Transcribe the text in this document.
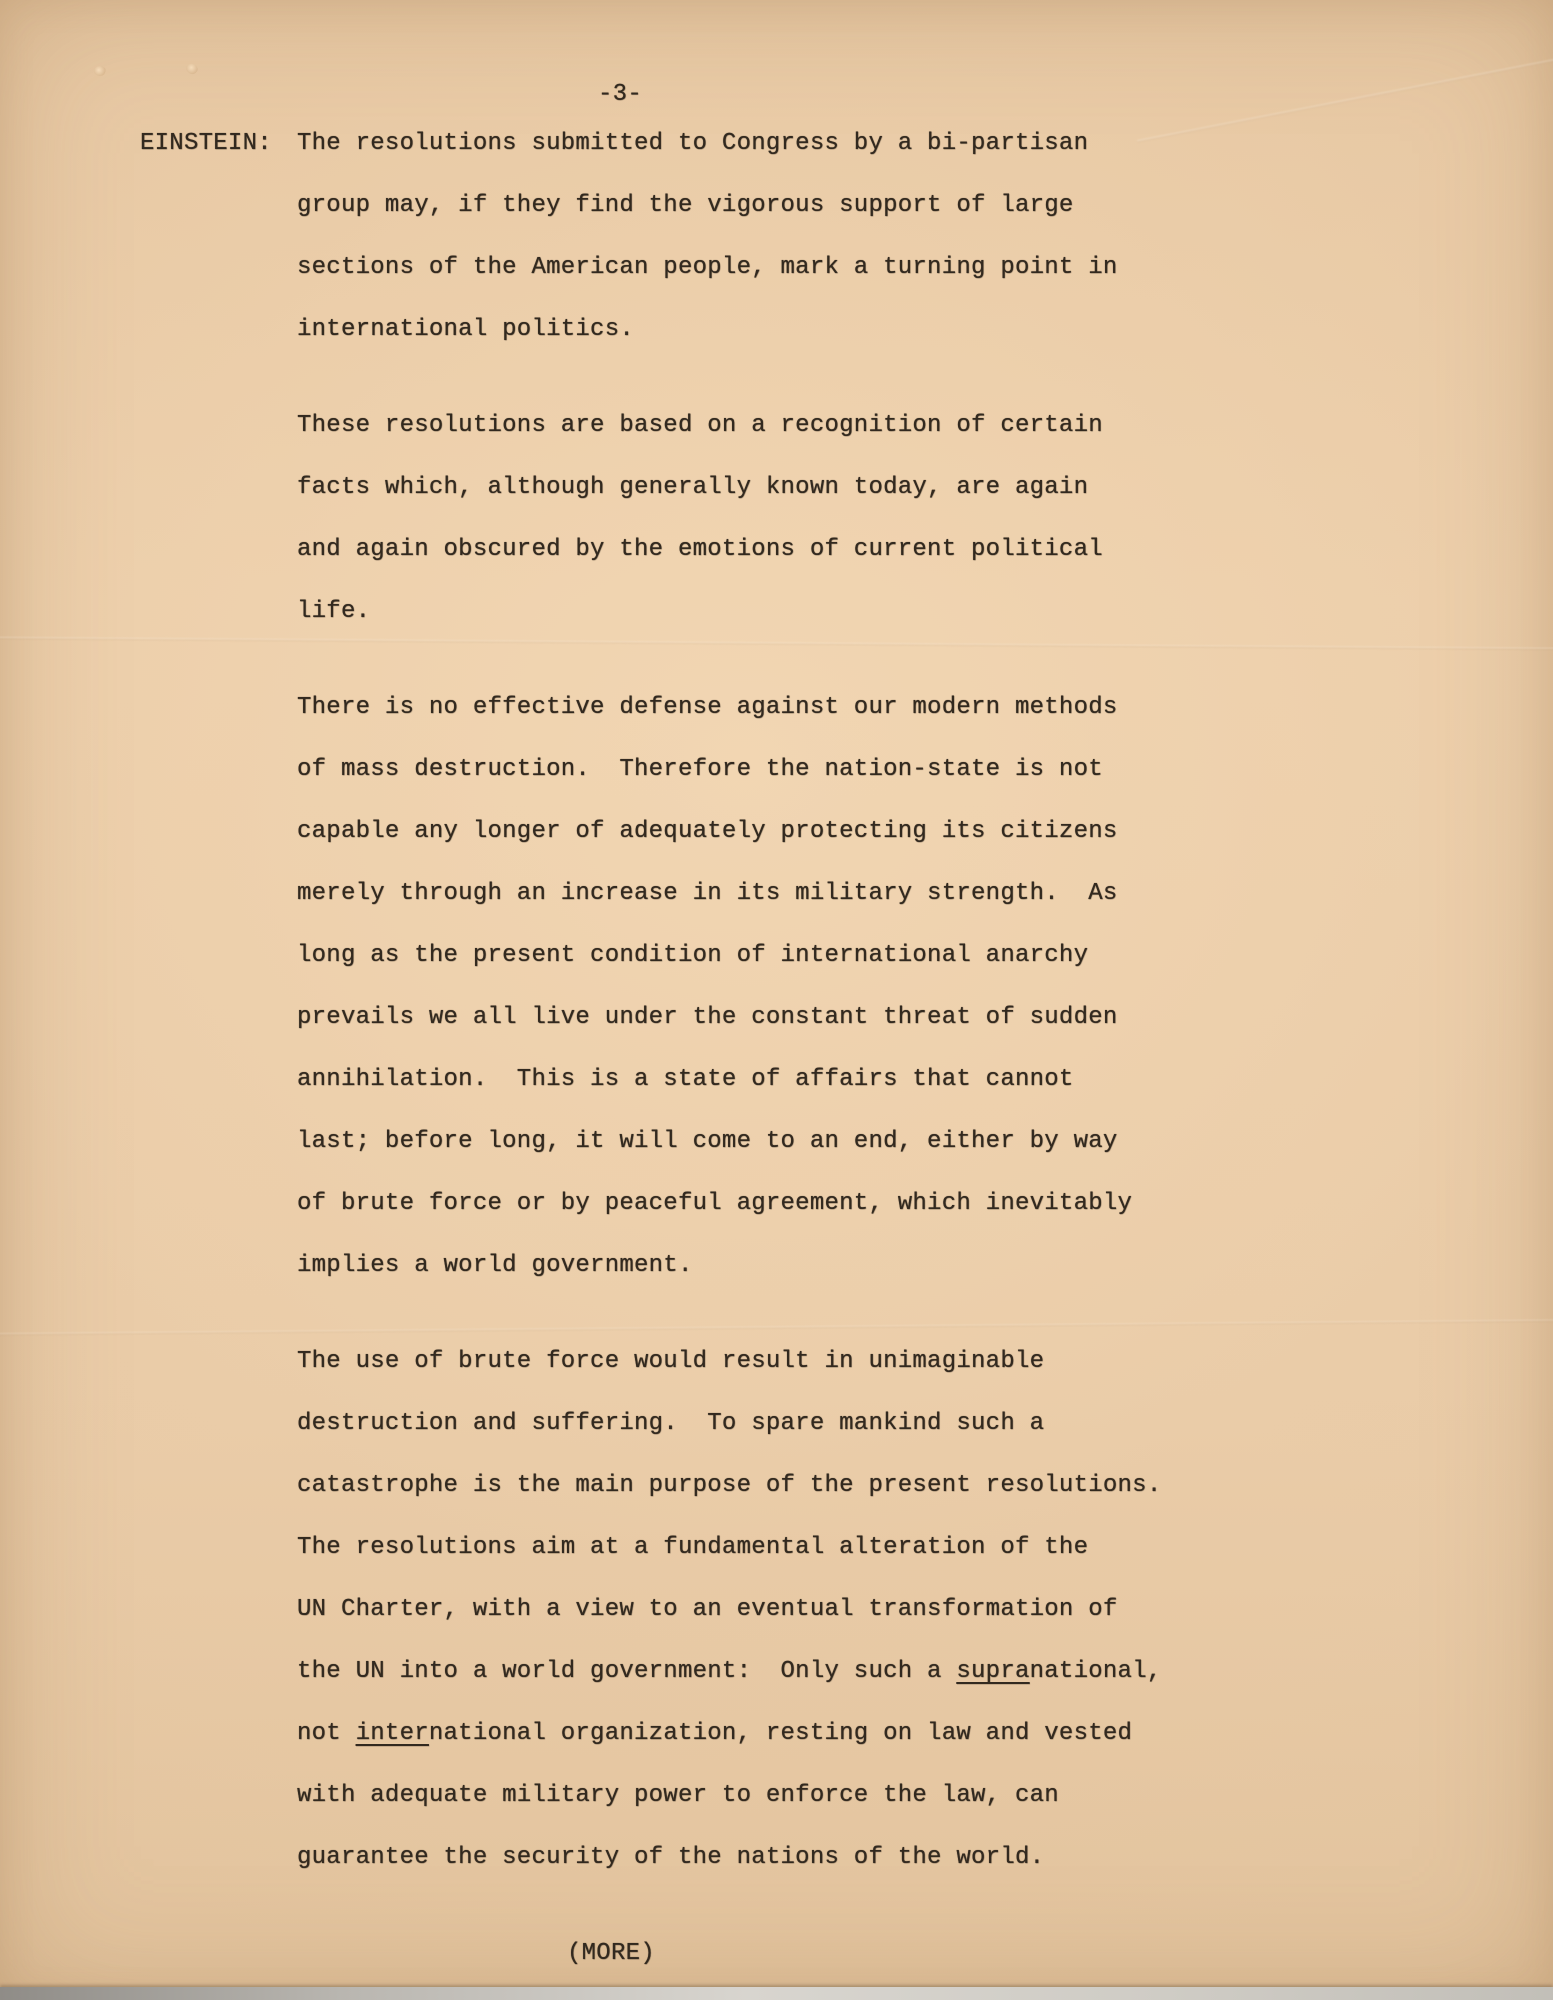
-3-
EINSTEIN: The resolutions submitted to Congress by a bi-partisan
group may, if they find the vigorous support of large
sections of the American people, mark a turning point in
international politics.
These resolutions are based on a recognition of certain
facts which, although generally known today, are again
and again obscured by the emotions of current political
life.
There is no effective defense against our modern methods
of mass destruction.  Therefore the nation-state is not
capable any longer of adequately protecting its citizens
merely through an increase in its military strength.  As
long as the present condition of international anarchy
prevails we all live under the constant threat of sudden
annihilation.  This is a state of affairs that cannot
last; before long, it will come to an end, either by way
of brute force or by peaceful agreement, which inevitably
implies a world government.
The use of brute force would result in unimaginable
destruction and suffering.  To spare mankind such a
catastrophe is the main purpose of the present resolutions.
The resolutions aim at a fundamental alteration of the
UN Charter, with a view to an eventual transformation of
the UN into a world government:  Only such a supra national,
not inter national organization, resting on law and vested
with adequate military power to enforce the law, can
guarantee the security of the nations of the world.
(MORE)
